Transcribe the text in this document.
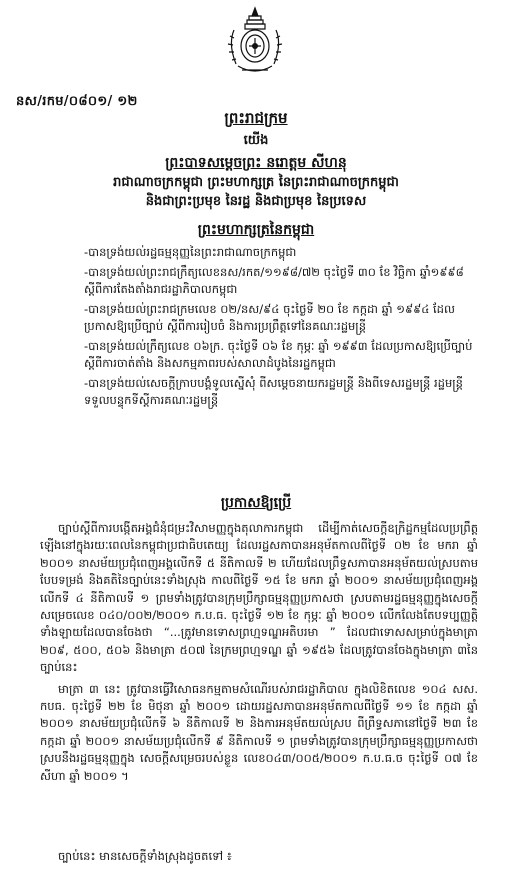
នស/រកម/០៨០១/ ១២
ព្រះរាជក្រម
យើង
ព្រះបាទសម្តេចព្រះ នរោត្តម សីហនុ
រាជាណាចក្រកម្ពុជា ព្រះមហាក្សត្រ នៃព្រះរាជាណាចក្រកម្ពុជា
និងជាព្រះប្រមុខ នៃរដ្ឋ និងជាប្រមុខ នៃប្រទេស
ព្រះមហាក្សត្រនៃកម្ពុជា
-បានទ្រង់យល់រដ្ឋធម្មនុញ្ញនៃព្រះរាជាណាចក្រកម្ពុជា
-បានទ្រង់យល់ព្រះរាជក្រឹត្យលេខនស/រកត/១១៩៨/៧២ ចុះថ្ងៃទី ៣០ ខែ វិច្ឆិកា ឆ្នាំ១៩៩៨ ស្តីពីការតែងតាំងរាជរដ្ឋាភិបាលកម្ពុជា
-បានទ្រង់យល់ព្រះរាជក្រមលេខ ០២/នស/៩៤ ចុះថ្ងៃទី ២០ ខែ កក្កដា ឆ្នាំ ១៩៩៤ ដែលប្រកាសឱ្យប្រើច្បាប់ ស្តីពីការរៀបចំ និងការប្រព្រឹត្តទៅនៃគណៈរដ្ឋមន្ត្រី
-បានទ្រង់យល់ក្រឹត្យលេខ ០៦ក្រ. ចុះថ្ងៃទី ០៦ ខែ កុម្ភៈ ឆ្នាំ ១៩៩៣ ដែលប្រកាសឱ្យប្រើច្បាប់ស្តីពីការចាត់តាំង និងសកម្មភាពរបស់សាលាដំបូងនៃរដ្ឋកម្ពុជា
-បានទ្រង់យល់សេចក្តីក្រាបបង្គំទូលស្នើសុំ ពីសម្តេចនាយករដ្ឋមន្ត្រី និងពីទេសរដ្ឋមន្ត្រី រដ្ឋមន្ត្រីទទួលបន្ទុកទីស្តីការគណៈរដ្ឋមន្ត្រី
ប្រកាសឱ្យប្រើ

ច្បាប់ស្តីពីការបង្កើតអង្គជំនុំជម្រះវិសាមញ្ញក្នុងតុលាការកម្ពុជា ដើម្បីកាត់សេចក្តីឧក្រិដ្ឋកម្មដែលប្រព្រឹត្តឡើងនៅក្នុងរយៈពេលនៃកម្ពុជាប្រជាធិបតេយ្យ ដែលរដ្ឋសភាបានអនុម័តកាលពីថ្ងៃទី ០២ ខែ មករា ឆ្នាំ ២០០១ នាសម័យប្រជុំពេញអង្គលើកទី ៥ នីតិកាលទី ២ ហើយដែលព្រឹទ្ធសភាបានអនុម័តយល់ស្របតាមបែបទម្រង់ និងគតិនៃច្បាប់នេះទាំងស្រុង កាលពីថ្ងៃទី ១៥ ខែ មករា ឆ្នាំ ២០០១ នាសម័យប្រជុំពេញអង្គលើកទី ៤ នីតិកាលទី ១ ព្រមទាំងត្រូវបានក្រុមប្រឹក្សាធម្មនុញ្ញប្រកាសថា ស្របតាមរដ្ឋធម្មនុញ្ញក្នុងសេចក្តីសម្រេចលេខ ០៤០/០០២/២០០១ ក.ប.ធ. ចុះថ្ងៃទី ១២ ខែ កុម្ភៈ ឆ្នាំ ២០០១ លើកលែងតែបទប្បញ្ញត្តិទាំងឡាយដែលបានចែងថា “...ត្រូវមានទោសព្រហ្មទណ្ឌអតិបរមា ” ដែលជាទោសសម្រាប់ក្នុងមាត្រា ២០៩, ៥០០, ៥០៦ និងមាត្រា ៥០៧ នៃក្រមព្រហ្មទណ្ឌ ឆ្នាំ ១៩៥៦ ដែលត្រូវបានចែងក្នុងមាត្រា ៣នៃច្បាប់នេះ

មាត្រា ៣ នេះ ត្រូវបានធ្វើវិសោធនកម្មតាមសំណើរបស់រាជរដ្ឋាភិបាល ក្នុងលិខិតលេខ ១០៤ សស. កបធ. ចុះថ្ងៃទី ២២ ខែ មិថុនា ឆ្នាំ ២០០១ ដោយរដ្ឋសភាបានអនុម័តកាលពីថ្ងៃទី ១១ ខែ កក្កដា ឆ្នាំ ២០០១ នាសម័យប្រជុំលើកទី ៦ នីតិកាលទី ២ និងការអនុម័តយល់ស្រប ពីព្រឹទ្ធសភានៅថ្ងៃទី ២៣ ខែ កក្កដា ឆ្នាំ ២០០១ នាសម័យប្រជុំលើកទី ៩ នីតិកាលទី ១ ព្រមទាំងត្រូវបានក្រុមប្រឹក្សាធម្មនុញ្ញប្រកាសថា ស្របនឹងរដ្ឋធម្មនុញ្ញក្នុង សេចក្តីសម្រេចរបស់ខ្លួន លេខ០៤៣/០០៥/២០០១ ក.ប.ធ.ច ចុះថ្ងៃទី ០៧ ខែ សីហា ឆ្នាំ ២០០១ ។

ច្បាប់នេះ មានសេចក្តីទាំងស្រុងដូចតទៅ ៖
